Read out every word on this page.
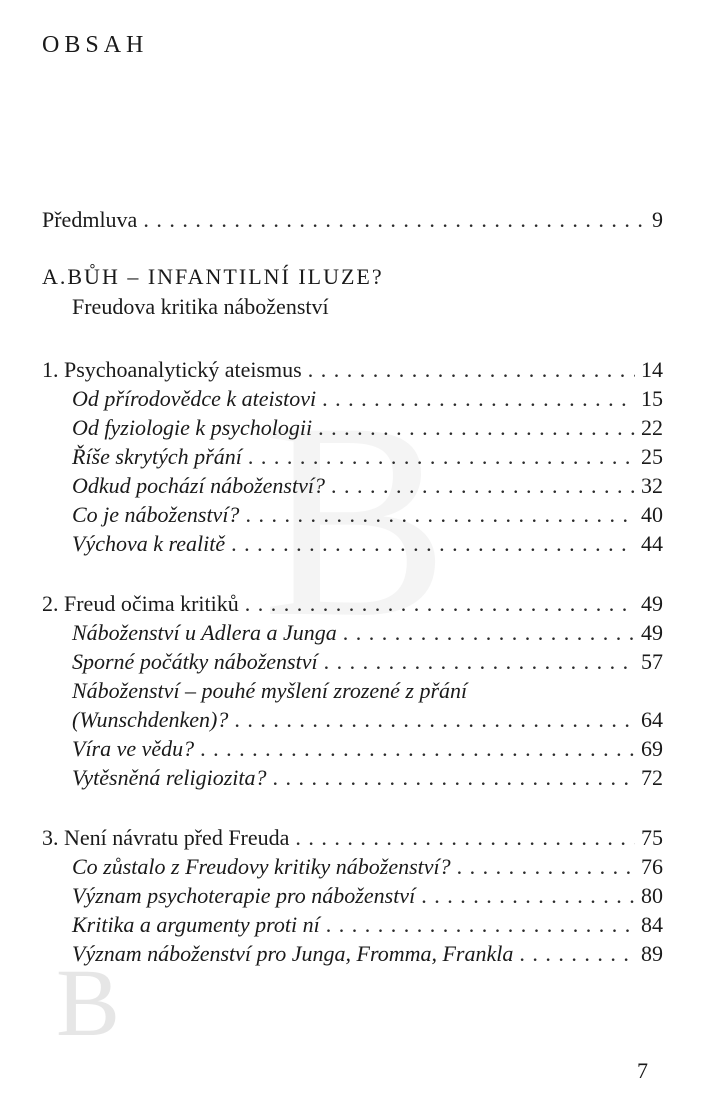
B
B
OBSAH
Předmluva . . .	9
A.BŮH – INFANTILNÍ ILUZE?
Freudova kritika náboženství
1. Psychoanalytický ateismus . . .	14
Od přírodovědce k ateistovi . . .	15
Od fyziologie k psychologii . . .	22
Říše skrytých přání . . .	25
Odkud pochází náboženství? . . .	32
Co je náboženství? . . .	40
Výchova k realitě . . .	44
2. Freud očima kritiků . . .	49
Náboženství u Adlera a Junga . . .	49
Sporné počátky náboženství . . .	57
Náboženství – pouhé myšlení zrozené z přání
(Wunschdenken)? . . .	64
Víra ve vědu? . . .	69
Vytěsněná religiozita? . . .	72
3. Není návratu před Freuda . . .	75
Co zůstalo z Freudovy kritiky náboženství? . . .	76
Význam psychoterapie pro náboženství . . .	80
Kritika a argumenty proti ní . . .	84
Význam náboženství pro Junga, Fromma, Frankla . . .	89
7
